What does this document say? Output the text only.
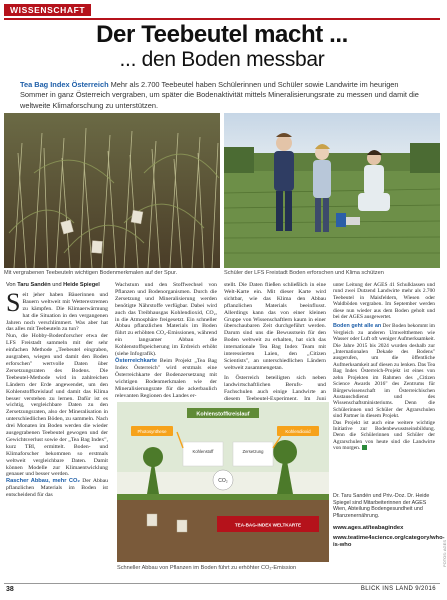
WISSENSCHAFT
Der Teebeutel macht ...
... den Boden messbar
Tea Bag Index Österreich Mehr als 2.700 Teebeutel haben Schülerinnen und Schüler sowie Landwirte im heurigen Sommer in ganz Österreich vergraben, um später die Bodenaktivität mittels Mineralisierungsrate zu messen und damit die weltweite Klimaforschung zu unterstützen.
Mit vergrabenen Teebeuteln wichtigen Bodenmerkmalen auf der Spur.	Schüler der LFS Freistadt Boden erforschen und Klima schützen
Von Taru Sandén und Heide Spiegel

Seit jeher haben Bäuerinnen und Bauern weltweit mit Wetterextremen zu kämpfen. Die Klimaerwärmung hat die Situation in den vergangenen Jahren noch verschlimmert. Was aber hat das alles mit Teebeuteln zu tun?

Nun, die Hobby-Bodenforscher etwa der LFS Freistadt sammeln mit der sehr einfachen Methode „Teebeutel eingraben, ausgraben, wiegen und damit den Boden erforschen" wertvolle Daten über Zersetzungsraten des Bodens. Die Teebeutel-Methode wird in zahlreichen Ländern der Erde angewendet, um den Kohlenstoffkreislauf und damit das Klima besser verstehen zu lernen. Dafür ist es wichtig, vergleichbare Daten zu den Zersetzungsraten, also der Mineralisation in unterschiedlichen Böden, zu sammeln. Nach drei Monaten im Boden werden die wieder ausgegrabenen Teebeutel gewogen und der Gewichtsverlust sowie der „Tea Bag Index", kurz TBI, ermittelt. Boden- und Klimaforscher bekommen so erstmals weltweit vergleichbare Daten. Damit können Modelle zur Klimaentwicklung genauer und besser werden.

Rascher Abbau, mehr CO₂ Der Abbau pflanzlichen Materials im Boden ist entscheidend für das

Wachstum und den Stoffwechsel von Pflanzen und Bodenorganismen. Durch die Zersetzung und Mineralisierung werden benötigte Nährstoffe verfügbar. Dabei wird auch das Treibhausgas Kohlendioxid, CO₂, in die Atmosphäre freigesetzt. Ein schneller Abbau pflanzlichen Materials im Boden führt zu erhöhten CO₂-Emissionen, während ein langsamer Abbau die Kohlenstoffspeicherung im Erdreich erhöht (siehe Infografik).

Österreichkarte Beim Projekt „Tea Bag Index Österreich" wird erstmals eine Österreichkarte der Bodenzersetzung mit wichtigen Bodenmerkmalen wie der Mineralisierungsrate für die ackerbaulich relevanten Regionen des Landes er-

stellt. Die Daten fließen schließlich in eine Welt-Karte ein. Mit dieser Karte wird sichtbar, wie das Klima den Abbau pflanzlichen Materials beeinflusst. Allerdings kann das von einer kleinen Gruppe von Wissenschaftlern kaum in einer überschaubaren Zeit durchgeführt werden. Darum sind uns die Bewusstsein für den Boden weltweit zu erhalten, hat sich das internationale Tea Bag Index Team mit interessierten Laien, den „Citizen Scientists", an unterschiedlichen Ländern weltweit zusammengetan.

In Österreich beteiligten sich neben landwirtschaftlichen Berufs- und Fachschulen auch einige Landwirte an diesem Teebeutel-Experiment. Im Juni

unter Leitung der AGES 41 Schulklassen und rund zwei Dutzend Landwirte mehr als 2.700 Teebeutel in Maisfeldern, Wiesen oder Waldböden vergraben. Im September werden diese nun wieder aus dem Boden geholt und bei der AGES ausgewertet.

Boden geht alle an Der Boden bekommt im Vergleich zu anderen Umweltthemen wie Wasser oder Luft oft weniger Aufmerksamkeit. Die Jahre 2015 bis 2024 wurden deshalb zur „Internationalen Dekade des Bodens" ausgerufen, um die öffentliche Aufmerksamkeit auf diesen zu lenken. Das Tea Bag Index Österreich-Projekt ist eines von zehn Projekten im Rahmen des „Citizen Science Awards 2016" des Zentrums für Bürgerwissenschaft im Österreichischen Austauschdienst und des Wissenschaftsministeriums. Denn die Schülerinnen und Schüler der Agrarschulen sind Partner in diesem Projekt.

Das Projekt ist auch eine weitere wichtige Initiative zur Bodenbewusstseinsbildung. Denn die Schülerinnen und Schüler der Agrarschulen von heute sind die Landwirte von morgen.

Kohlenstoffkreislauf
Photosynthese
Kohlenstoff	Zersetzung
Kohlendioxid
CO₂
TEA-BAG-INDEX WELTKARTE
Schneller Abbau von Pflanzen im Boden führt zu erhöhter CO₂-Emission
Dr. Taru Sandén und Priv.-Doz. Dr. Heide Spiegel sind Mitarbeiterinnen der AGES Wien, Abteilung Bodengesundheit und Pflanzenernährung.
www.ages.at/teabagindex
www.teatime4science.org/category/who-is-who	FOTOS: AGES
38	BLICK INS LAND 9/2016
